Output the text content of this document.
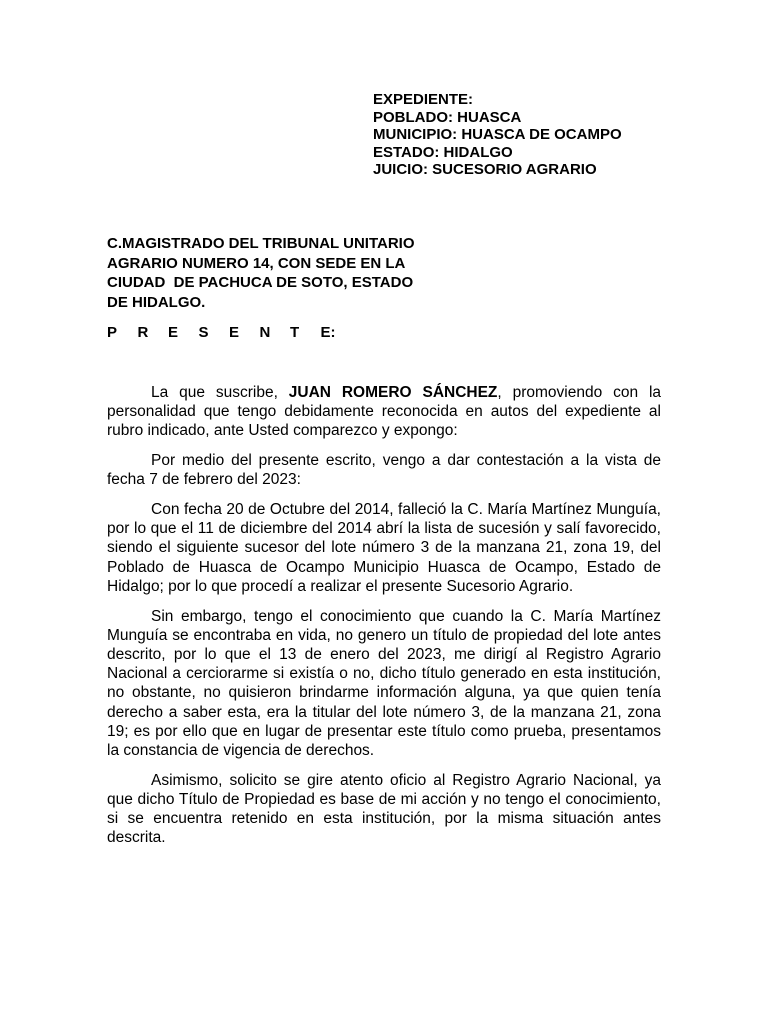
EXPEDIENTE:
POBLADO: HUASCA
MUNICIPIO: HUASCA DE OCAMPO
ESTADO: HIDALGO
JUICIO: SUCESORIO AGRARIO
C.MAGISTRADO DEL TRIBUNAL UNITARIO
AGRARIO NUMERO 14, CON SEDE EN LA
CIUDAD  DE PACHUCA DE SOTO, ESTADO
DE HIDALGO.
P	R	E	S	E	N	T	E:

La que suscribe, JUAN ROMERO SÁNCHEZ, promoviendo con la personalidad que tengo debidamente reconocida en autos del expediente al rubro indicado, ante Usted comparezco y expongo:

Por medio del presente escrito, vengo a dar contestación a la vista de fecha 7 de febrero del 2023:

Con fecha 20 de Octubre del 2014, falleció la C. María Martínez Munguía, por lo que el 11 de diciembre del 2014 abrí la lista de sucesión y salí favorecido, siendo el siguiente sucesor del lote número 3 de la manzana 21, zona 19, del Poblado de Huasca de Ocampo Municipio Huasca de Ocampo, Estado de Hidalgo; por lo que procedí a realizar el presente Sucesorio Agrario.

Sin embargo, tengo el conocimiento que cuando la C. María Martínez Munguía se encontraba en vida, no genero un título de propiedad del lote antes descrito, por lo que el 13 de enero del 2023, me dirigí al Registro Agrario Nacional a cerciorarme si existía o no, dicho título generado en esta institución, no obstante, no quisieron brindarme información alguna, ya que quien tenía derecho a saber esta, era la titular del lote número 3, de la manzana 21, zona 19; es por ello que en lugar de presentar este título como prueba, presentamos la constancia de vigencia de derechos.

Asimismo, solicito se gire atento oficio al Registro Agrario Nacional, ya que dicho Título de Propiedad es base de mi acción y no tengo el conocimiento, si se encuentra retenido en esta institución, por la misma situación antes descrita.
